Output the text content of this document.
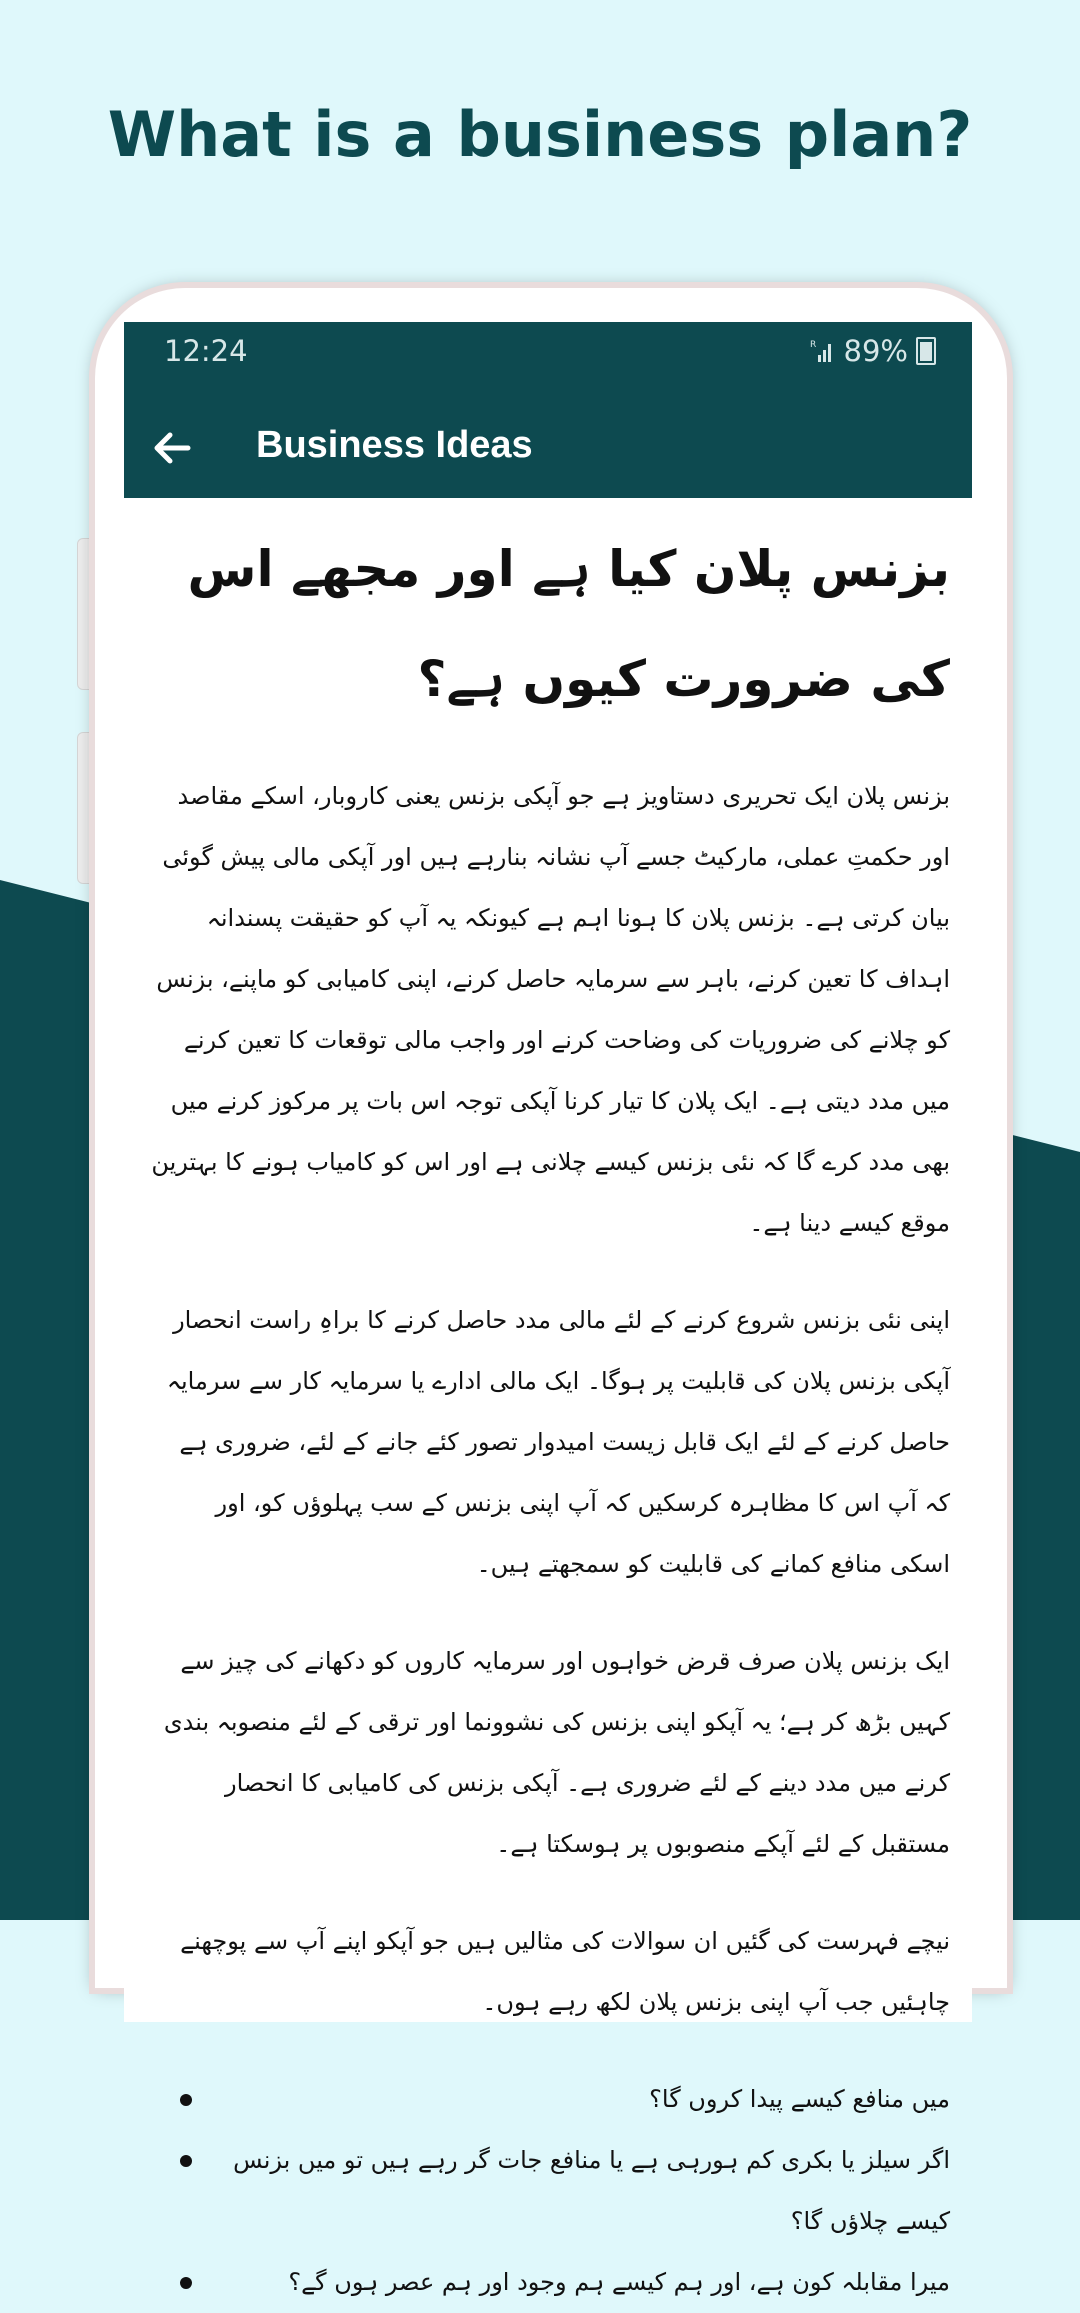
What is a business plan?
12:24	R 89%
Business Ideas
بزنس پلان کیا ہے اور مجھے اس کی ضرورت کیوں ہے؟

بزنس پلان ایک تحریری دستاویز ہے جو آپکی بزنس یعنی کاروبار، اسکے مقاصد اور حکمتِ عملی، مارکیٹ جسے آپ نشانہ بنارہے ہیں اور آپکی مالی پیش گوئی بیان کرتی ہے۔ بزنس پلان کا ہونا اہم ہے کیونکہ یہ آپ کو حقیقت پسندانہ اہداف کا تعین کرنے، باہر سے سرمایہ حاصل کرنے، اپنی کامیابی کو ماپنے، بزنس کو چلانے کی ضروریات کی وضاحت کرنے اور واجب مالی توقعات کا تعین کرنے میں مدد دیتی ہے۔ ایک پلان کا تیار کرنا آپکی توجہ اس بات پر مرکوز کرنے میں بھی مدد کرے گا کہ نئی بزنس کیسے چلانی ہے اور اس کو کامیاب ہونے کا بہترین موقع کیسے دینا ہے۔

اپنی نئی بزنس شروع کرنے کے لئے مالی مدد حاصل کرنے کا براہِ راست انحصار آپکی بزنس پلان کی قابلیت پر ہوگا۔ ایک مالی ادارے یا سرمایہ کار سے سرمایہ حاصل کرنے کے لئے ایک قابل زیست امیدوار تصور کئے جانے کے لئے، ضروری ہے کہ آپ اس کا مظاہرہ کرسکیں کہ آپ اپنی بزنس کے سب پہلوؤں کو، اور اسکی منافع کمانے کی قابلیت کو سمجھتے ہیں۔

ایک بزنس پلان صرف قرض خواہوں اور سرمایہ کاروں کو دکھانے کی چیز سے کہیں بڑھ کر ہے؛ یہ آپکو اپنی بزنس کی نشوونما اور ترقی کے لئے منصوبہ بندی کرنے میں مدد دینے کے لئے ضروری ہے۔ آپکی بزنس کی کامیابی کا انحصار مستقبل کے لئے آپکے منصوبوں پر ہوسکتا ہے۔

نیچے فہرست کی گئیں ان سوالات کی مثالیں ہیں جو آپکو اپنے آپ سے پوچھنے چاہئیں جب آپ اپنی بزنس پلان لکھ رہے ہوں۔

میں منافع کیسے پیدا کروں گا؟
اگر سیلز یا بکری کم ہورہی ہے یا منافع جات گر رہے ہیں تو میں بزنس کیسے چلاؤں گا؟
میرا مقابلہ کون ہے، اور ہم کیسے ہم وجود اور ہم عصر ہوں گے؟
